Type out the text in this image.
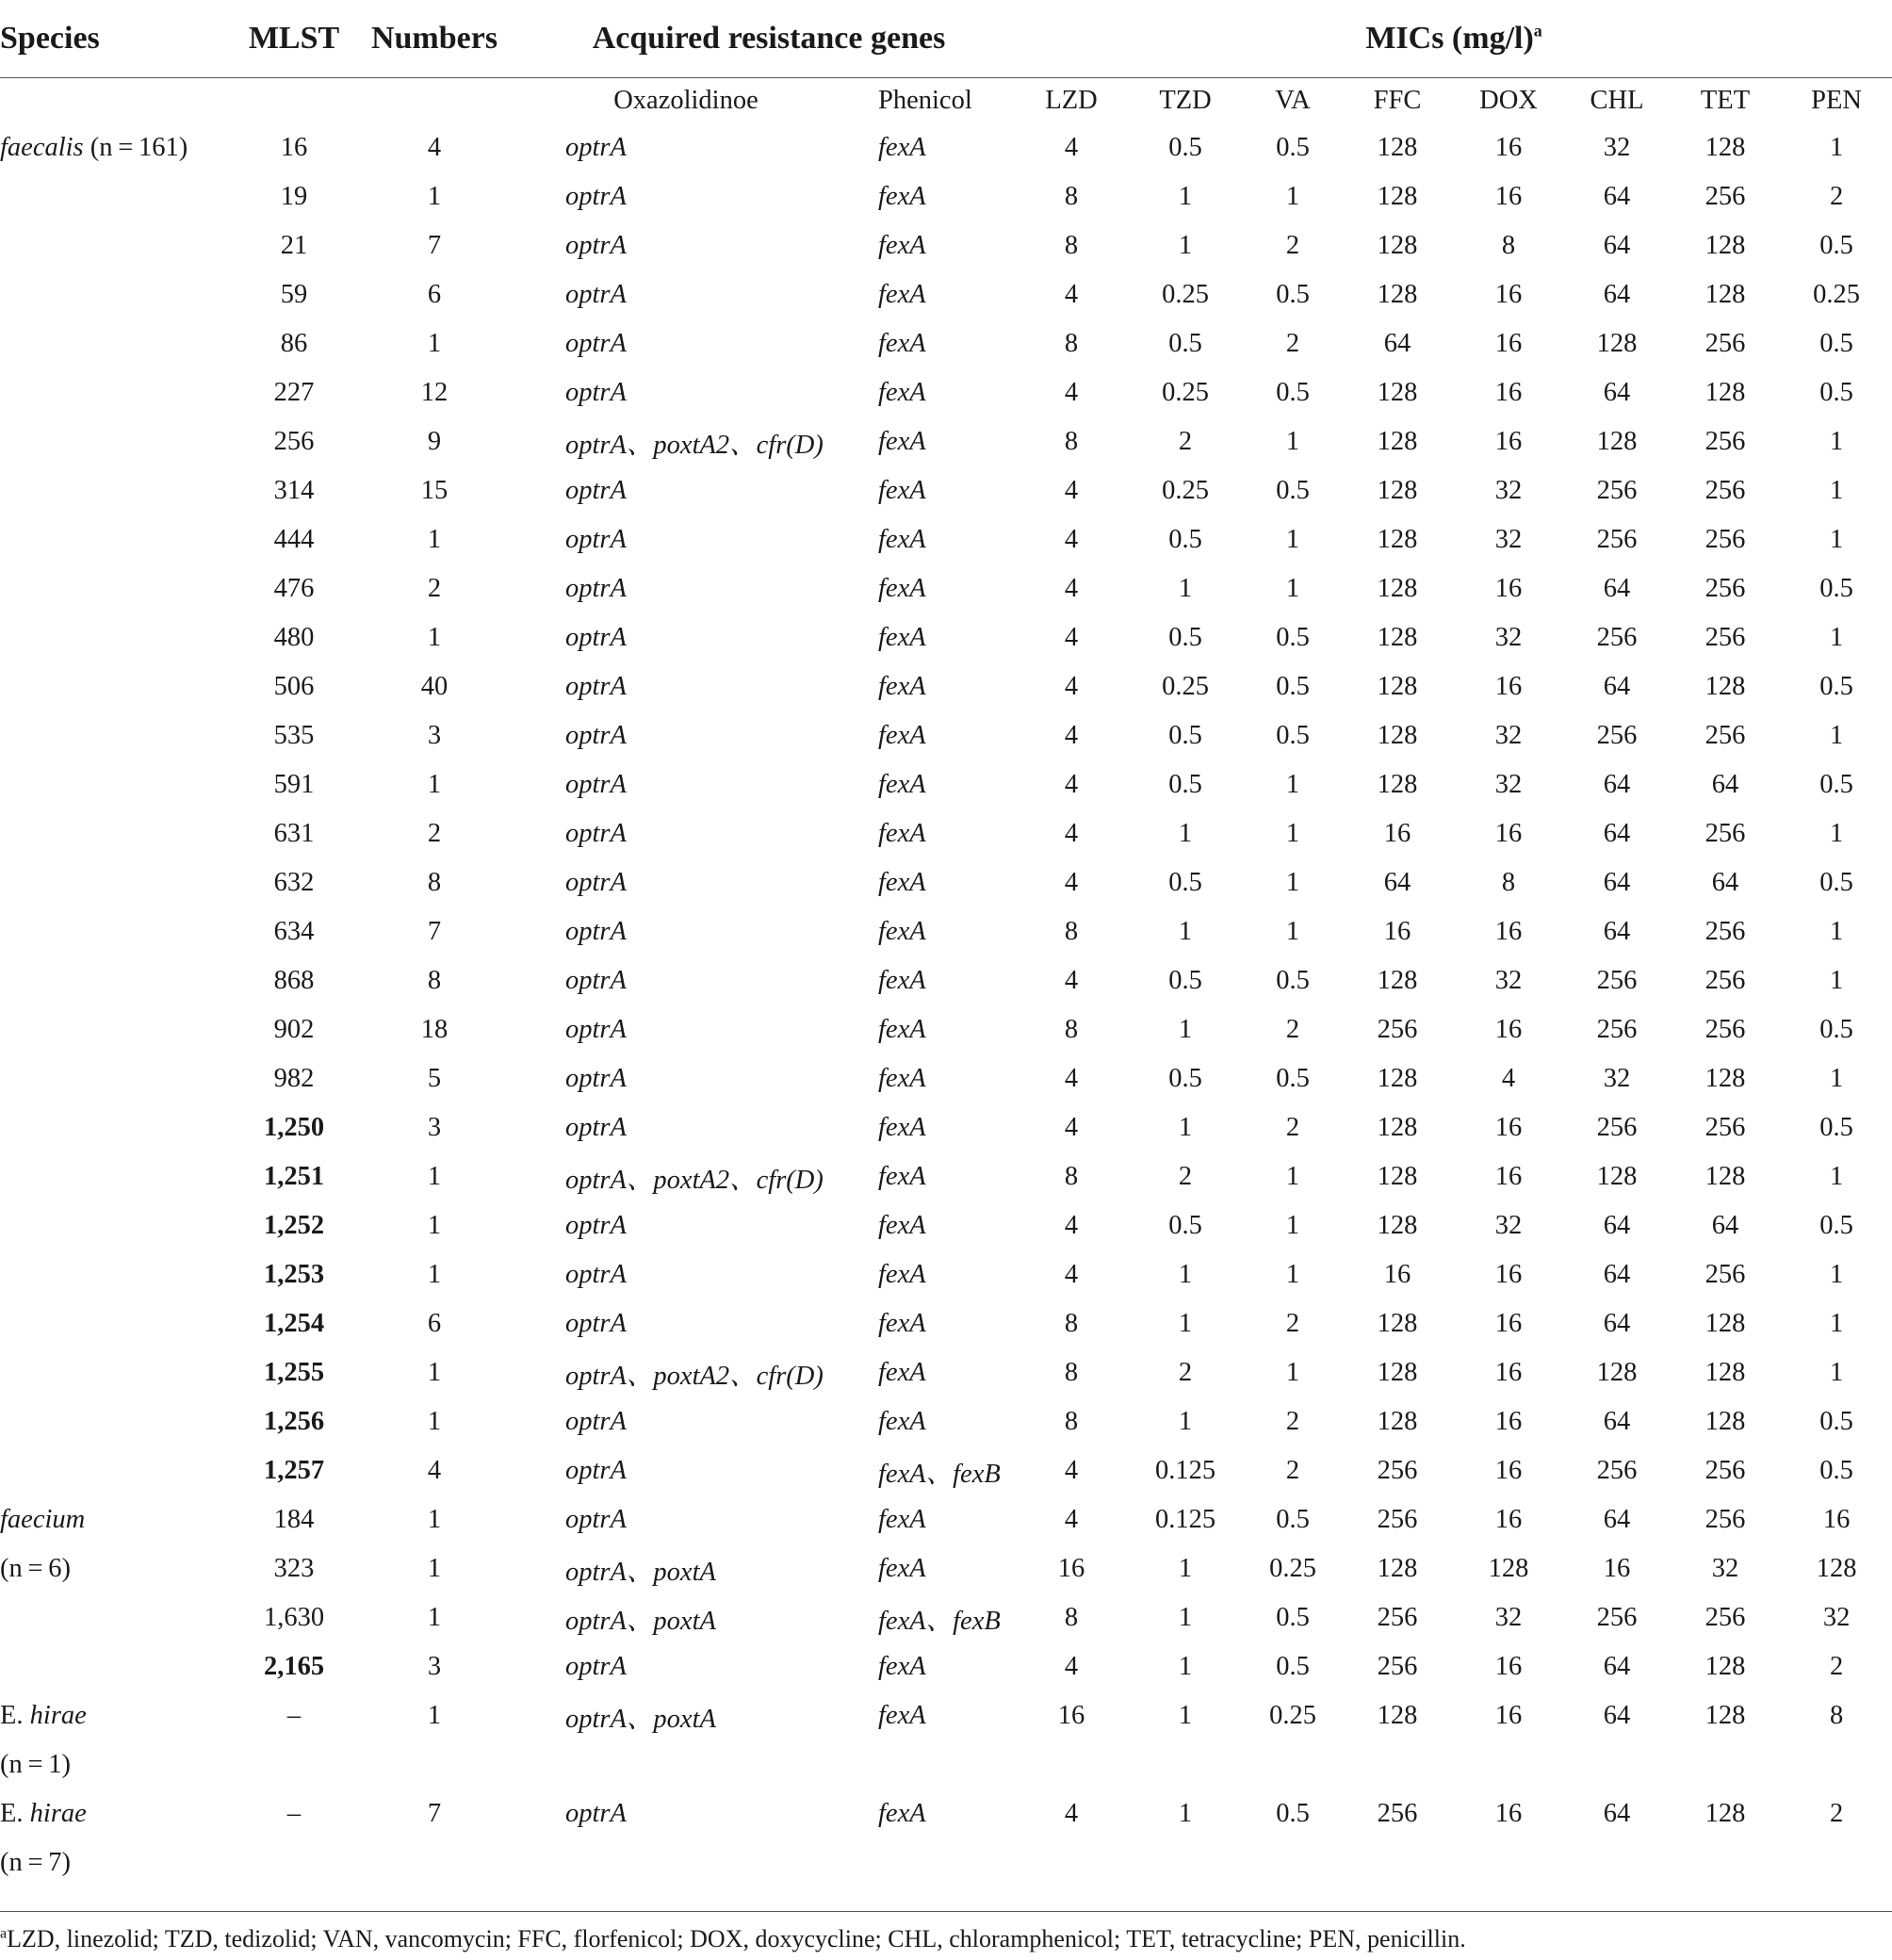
Species	MLST	Numbers	Acquired resistance genes		MICs $(mg/l)^a$
			Oxazolidinoe	Phenicol	LZD	TZD	VA	FFC	DOX	CHL	TET	PEN
faecalis (n = 161)	16	4	optrA	fexA	4	0.5	0.5	128	16	32	128	1
	19	1	optrA	fexA	8	1	1	128	16	64	256	2
	21	7	optrA	fexA	8	1	2	128	8	64	128	0.5
	59	6	optrA	fexA	4	0.25	0.5	128	16	64	128	0.25
	86	1	optrA	fexA	8	0.5	2	64	16	128	256	0.5
	227	12	optrA	fexA	4	0.25	0.5	128	16	64	128	0.5
	256	9	optrA、poxtA2、cfr(D)	fexA	8	2	1	128	16	128	256	1
	314	15	optrA	fexA	4	0.25	0.5	128	32	256	256	1
	444	1	optrA	fexA	4	0.5	1	128	32	256	256	1
	476	2	optrA	fexA	4	1	1	128	16	64	256	0.5
	480	1	optrA	fexA	4	0.5	0.5	128	32	256	256	1
	506	40	optrA	fexA	4	0.25	0.5	128	16	64	128	0.5
	535	3	optrA	fexA	4	0.5	0.5	128	32	256	256	1
	591	1	optrA	fexA	4	0.5	1	128	32	64	64	0.5
	631	2	optrA	fexA	4	1	1	16	16	64	256	1
	632	8	optrA	fexA	4	0.5	1	64	8	64	64	0.5
	634	7	optrA	fexA	8	1	1	16	16	64	256	1
	868	8	optrA	fexA	4	0.5	0.5	128	32	256	256	1
	902	18	optrA	fexA	8	1	2	256	16	256	256	0.5
	982	5	optrA	fexA	4	0.5	0.5	128	4	32	128	1
	1,250	3	optrA	fexA	4	1	2	128	16	256	256	0.5
	1,251	1	optrA、poxtA2、cfr(D)	fexA	8	2	1	128	16	128	128	1
	1,252	1	optrA	fexA	4	0.5	1	128	32	64	64	0.5
	1,253	1	optrA	fexA	4	1	1	16	16	64	256	1
	1,254	6	optrA	fexA	8	1	2	128	16	64	128	1
	1,255	1	optrA、poxtA2、cfr(D)	fexA	8	2	1	128	16	128	128	1
	1,256	1	optrA	fexA	8	1	2	128	16	64	128	0.5
	1,257	4	optrA	fexA、fexB	4	0.125	2	256	16	256	256	0.5
faecium	184	1	optrA	fexA	4	0.125	0.5	256	16	64	256	16
(n = 6)	323	1	optrA、poxtA	fexA	16	1	0.25	128	128	16	32	128
	1,630	1	optrA、poxtA	fexA、fexB	8	1	0.5	256	32	256	256	32
	2,165	3	optrA	fexA	4	1	0.5	256	16	64	128	2
E. hirae	–	1	optrA、poxtA	fexA	16	1	0.25	128	16	64	128	8
(n = 1)												
E. hirae	–	7	optrA	fexA	4	1	0.5	256	16	64	128	2
(n = 7)												
$^a$LZD, linezolid; TZD, tedizolid; VAN, vancomycin; FFC, florfenicol; DOX, doxycycline; CHL, chloramphenicol; TET, tetracycline; PEN, penicillin.
